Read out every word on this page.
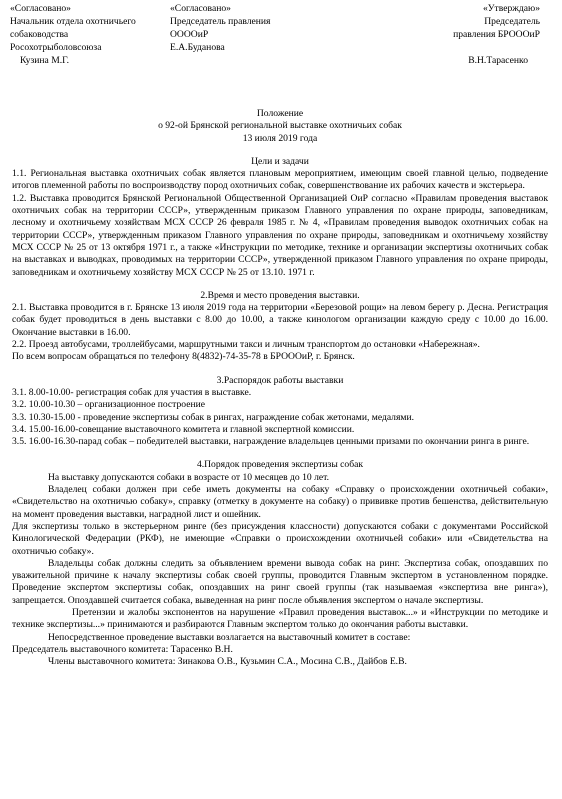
«Согласовано»
Начальник отдела охотничьего
собаководства
Росохотрыболовсоюза
Кузина М.Г.
«Согласовано»
Председатель правления
ООООиР
Е.А.Буданова
«Утверждаю»
Председатель
правления БРОООиР

В.Н.Тарасенко
Положение
о 92-ой Брянской региональной выставке охотничьих собак
13 июля 2019 года
Цели и задачи

1.1. Региональная выставка охотничьих собак является плановым мероприятием, имеющим своей главной целью, подведение итогов племенной работы по воспроизводству пород охотничьих собак, совершенствование их рабочих качеств и экстерьера.

1.2. Выставка проводится Брянской Региональной Общественной Организацией ОиР согласно «Правилам проведения выставок охотничьих собак на территории СССР», утвержденным приказом Главного управления по охране природы, заповедникам, лесному и охотничьему хозяйствам МСХ СССР 26 февраля 1985 г. № 4, «Правилам проведения выводок охотничьих собак на территории СССР», утвержденным приказом Главного управления по охране природы, заповедникам и охотничьему хозяйству МСХ СССР № 25 от 13 октября 1971 г., а также «Инструкции по методике, технике и организации экспертизы охотничьих собак на выставках и выводках, проводимых на территории СССР», утвержденной приказом Главного управления по охране природы, заповедникам и охотничьему хозяйству МСХ СССР № 25 от 13.10. 1971 г.

2.Время и место проведения выставки.

2.1. Выставка проводится в г. Брянске 13 июля 2019 года на территории «Березовой рощи» на левом берегу р. Десна. Регистрация собак будет проводиться в день выставки с 8.00 до 10.00, а также кинологом организации каждую среду с 10.00 до 16.00. Окончание выставки в 16.00.

2.2. Проезд автобусами, троллейбусами, маршрутными такси и личным транспортом до остановки «Набережная».

По всем вопросам обращаться по телефону 8(4832)-74-35-78 в БРОООиР, г. Брянск.

3.Распорядок работы выставки

3.1. 8.00-10.00- регистрация собак для участия в выставке.

3.2. 10.00-10.30 – организационное построение

3.3. 10.30-15.00 - проведение экспертизы собак в рингах, награждение собак жетонами, медалями.

3.4. 15.00-16.00-совещание выставочного комитета и главной экспертной комиссии.

3.5. 16.00-16.30-парад собак – победителей выставки, награждение владельцев ценными призами по окончании ринга в ринге.

4.Порядок проведения экспертизы собак

На выставку допускаются собаки в возрасте от 10 месяцев до 10 лет.

Владелец собаки должен при себе иметь документы на собаку «Справку о происхождении охотничьей собаки», «Свидетельство на охотничью собаку», справку (отметку в документе на собаку) о прививке против бешенства, действительную на момент проведения выставки, наградной лист и ошейник.

Для экспертизы только в экстерьерном ринге (без присуждения классности) допускаются собаки с документами Российской Кинологической Федерации (РКФ), не имеющие «Справки о происхождении охотничьей собаки» или «Свидетельства на охотничью собаку».

Владельцы собак должны следить за объявлением времени вывода собак на ринг. Экспертиза собак, опоздавших по уважительной причине к началу экспертизы собак своей группы, проводится Главным экспертом в установленном порядке. Проведение экспертом экспертизы собак, опоздавших на ринг своей группы (так называемая «экспертиза вне ринга»), запрещается. Опоздавшей считается собака, выведенная на ринг после объявления экспертом о начале экспертизы.

Претензии и жалобы экспонентов на нарушение «Правил проведения выставок...» и «Инструкции по методике и технике экспертизы...» принимаются и разбираются Главным экспертом только до окончания работы выставки.

Непосредственное проведение выставки возлагается на выставочный комитет в составе:

Председатель выставочного комитета: Тарасенко В.Н.

Члены выставочного комитета: Зинакова О.В., Кузьмин С.А., Мосина С.В., Дайбов Е.В.
